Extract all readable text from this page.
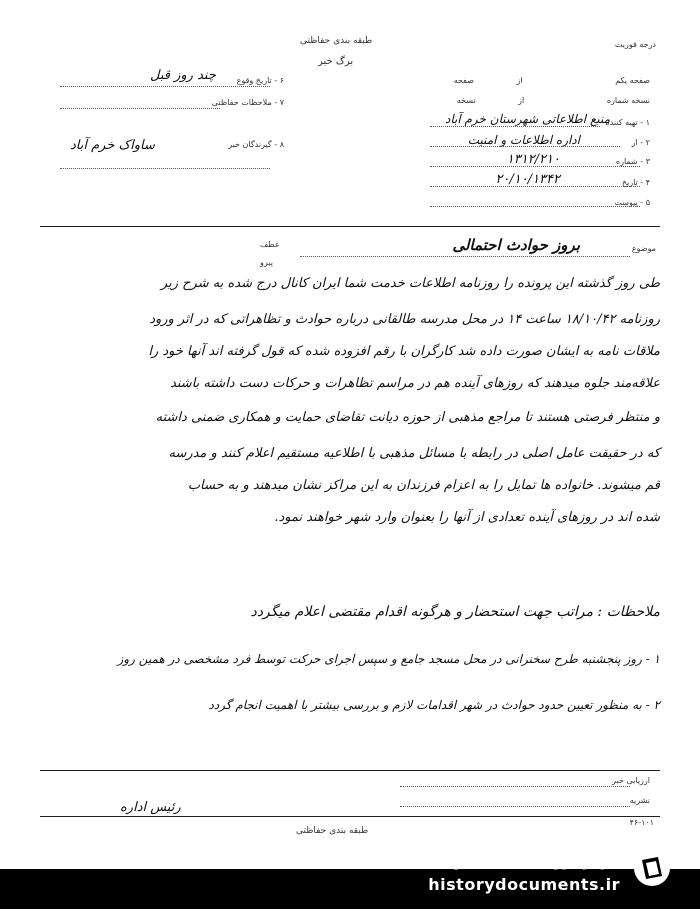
طبقه بندی حفاظتی
برگ خبر
درجه فوریت
صفحه یکم از صفحه
نسخه شماره از نسخه
۱ - تهیه کننده
منبع اطلاعاتی شهرستان خرم آباد
۲ - از
اداره اطلاعات و امنیت
۳ - شماره
۱۳۱۲/۲۱۰
۴ - تاریخ
۲۰/۱۰/۱۳۴۲
۵ - پیوست
۶ - تاریخ وقوع
چند روز قبل
۷ - ملاحظات حفاظتی
۸ - گیرندگان خبر
ساواک خرم آباد
عطف
پیرو
موضوع
بروز حوادث احتمالی
طی روز گذشته این پرونده را روزنامه اطلاعات خدمت شما ایران کانال درج شده به شرح زیر
روزنامه ۱۸/۱۰/۴۲ ساعت ۱۴ در محل مدرسه طالقانی درباره حوادث و تظاهراتی که در اثر ورود
ملاقات نامه به ایشان صورت داده شد کارگران با رقم افزوده شده که قول گرفته اند آنها خود را
علاقه‌مند جلوه میدهند که روزهای آینده هم در مراسم تظاهرات و حرکات دست داشته باشند
و منتظر فرصتی هستند تا مراجع مذهبی از حوزه دیانت تقاضای حمایت و همکاری ضمنی داشته
که در حقیقت عامل اصلی در رابطه با مسائل مذهبی با اطلاعیه مستقیم اعلام کنند و مدرسه
قم میشوند. خانواده ها تمایل را به اعزام فرزندان به این مراکز نشان میدهند و به حساب
شده اند در روزهای آینده تعدادی از آنها را بعنوان وارد شهر خواهند نمود.
ملاحظات : مراتب جهت استحضار و هرگونه اقدام مقتضی اعلام میگردد
۱ - روز پنجشنبه طرح سخنرانی در محل مسجد جامع و سپس اجرای حرکت توسط فرد مشخصی در همین روز
۲ - به منظور تعیین حدود حوادث در شهر اقدامات لازم و بررسی بیشتر با اهمیت انجام گردد
ارزیابی خبر
نشریه
رئیس اداره
۴۶-۱۰۱
طبقه بندی حفاظتی
مرکز بررسی اسناد تاریخی
historydocuments.ir
